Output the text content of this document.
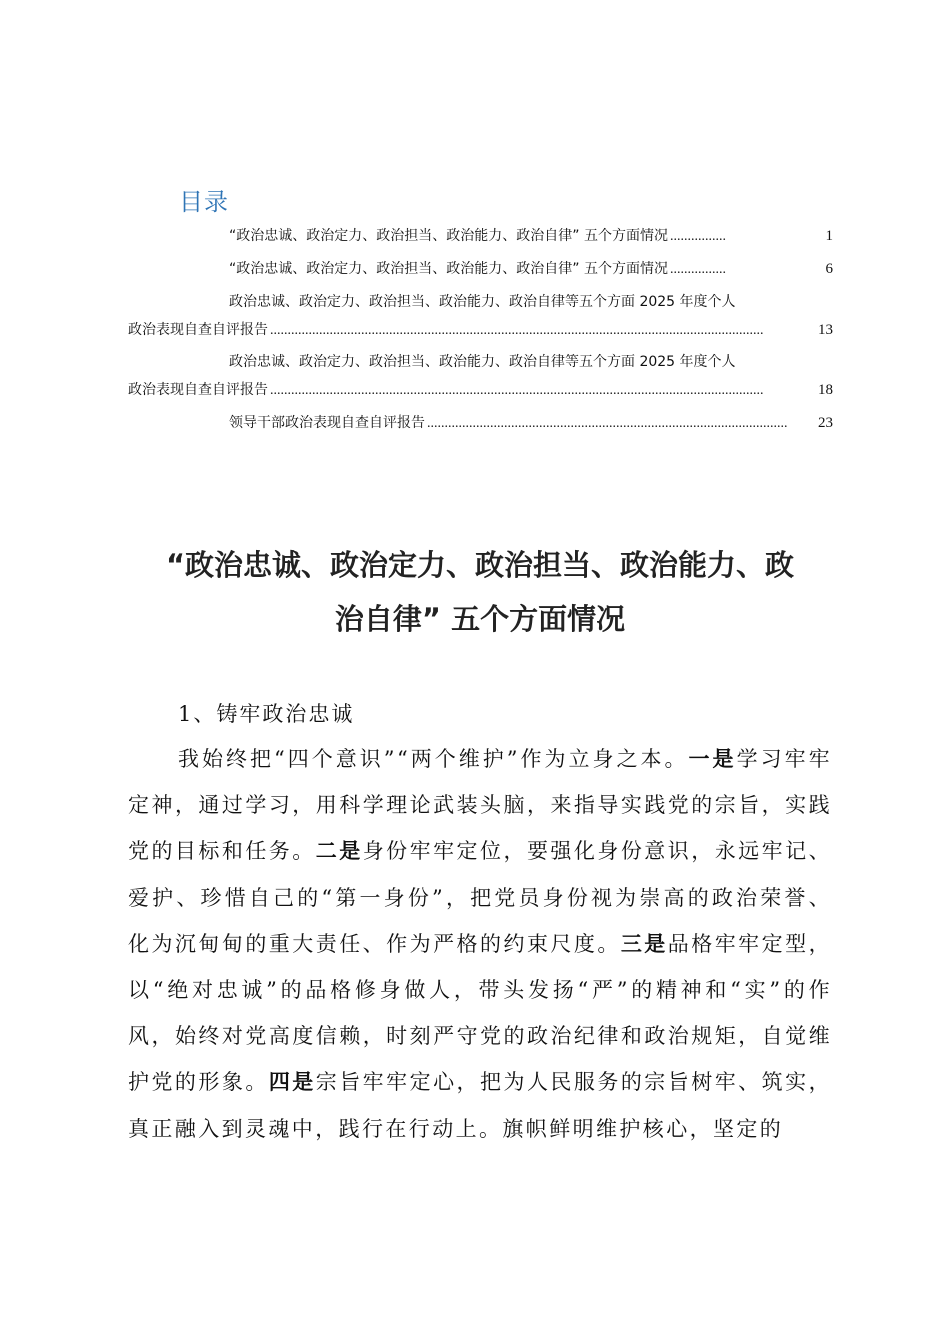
目录
“政治忠诚、政治定力、政治担当、政治能力、政治自律” 五个方面情况 ................	1
“政治忠诚、政治定力、政治担当、政治能力、政治自律” 五个方面情况 ................	6
政治忠诚、政治定力、政治担当、政治能力、政治自律等五个方面 2025 年度个人
政治表现自查自评报告 .............................................................................................................................................	13
政治忠诚、政治定力、政治担当、政治能力、政治自律等五个方面 2025 年度个人
政治表现自查自评报告 .............................................................................................................................................	18
领导干部政治表现自查自评报告 .......................................................................................................	23
“政治忠诚、政治定力、政治担当、政治能力、政
治自律” 五个方面情况
1、铸牢政治忠诚
我始终把“四个意识”“两个维护”作为立身之本。一是学习牢牢定神，通过学习，用科学理论武装头脑，来指导实践党的宗旨，实践党的目标和任务。二是身份牢牢定位，要强化身份意识，永远牢记、爱护、珍惜自己的“第一身份”，把党员身份视为崇高的政治荣誉、化为沉甸甸的重大责任、作为严格的约束尺度。三是品格牢牢定型，以“绝对忠诚”的品格修身做人，带头发扬“严”的精神和“实”的作风，始终对党高度信赖，时刻严守党的政治纪律和政治规矩，自觉维护党的形象。四是宗旨牢牢定心，把为人民服务的宗旨树牢、筑实，真正融入到灵魂中，践行在行动上。旗帜鲜明维护核心，坚定的
